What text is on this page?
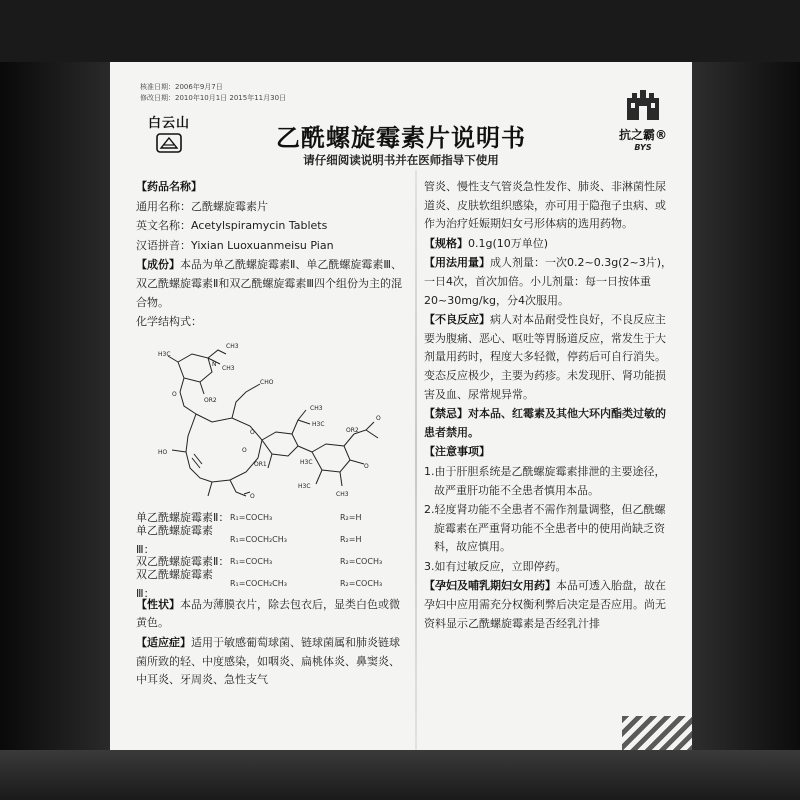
核准日期：2006年9月7日
修改日期：2010年10月1日 2015年11月30日
白云山
抗之霸®
BYS
乙酰螺旋霉素片说明书
请仔细阅读说明书并在医师指导下使用

【药品名称】

通用名称：乙酰螺旋霉素片

英文名称：Acetylspiramycin Tablets

汉语拼音：Yixian Luoxuanmeisu Pian

【成份】本品为单乙酰螺旋霉素Ⅱ、单乙酰螺旋霉素Ⅲ、双乙酰螺旋霉素Ⅱ和双乙酰螺旋霉素Ⅲ四个组份为主的混合物。

化学结构式：

CH3
N
CH3
O
H3C
CHO
OR2
CH3
H3C
O
OR1
O
O
OR2
O
H3C
HO
H3C
O	CH3
单乙酰螺旋霉素Ⅱ： R₁=COCH₃	R₂=H
单乙酰螺旋霉素Ⅲ：
R₁=COCH₂CH₃	R₂=H
双乙酰螺旋霉素Ⅱ： R₁=COCH₃	R₂=COCH₃
双乙酰螺旋霉素Ⅲ：
R₁=COCH₂CH₃	R₂=COCH₃

【性状】本品为薄膜衣片，除去包衣后，显类白色或微黄色。

【适应症】适用于敏感葡萄球菌、链球菌属和肺炎链球菌所致的轻、中度感染，如咽炎、扁桃体炎、鼻窦炎、中耳炎、牙周炎、急性支气

管炎、慢性支气管炎急性发作、肺炎、非淋菌性尿道炎、皮肤软组织感染，亦可用于隐孢子虫病、或作为治疗妊娠期妇女弓形体病的选用药物。

【规格】0.1g(10万单位)

【用法用量】成人剂量：一次0.2~0.3g(2~3片)，一日4次，首次加倍。小儿剂量：每一日按体重20~30mg/kg，分4次服用。

【不良反应】病人对本品耐受性良好，不良反应主要为腹痛、恶心、呕吐等胃肠道反应，常发生于大剂量用药时，程度大多轻微，停药后可自行消失。变态反应极少，主要为药疹。未发现肝、肾功能损害及血、尿常规异常。

【禁忌】对本品、红霉素及其他大环内酯类过敏的患者禁用。

【注意事项】

1.由于肝胆系统是乙酰螺旋霉素排泄的主要途径，故严重肝功能不全患者慎用本品。

2.轻度肾功能不全患者不需作剂量调整，但乙酰螺旋霉素在严重肾功能不全患者中的使用尚缺乏资料，故应慎用。

3.如有过敏反应，立即停药。

【孕妇及哺乳期妇女用药】本品可透入胎盘，故在孕妇中应用需充分权衡利弊后决定是否应用。尚无资料显示乙酰螺旋霉素是否经乳汁排
